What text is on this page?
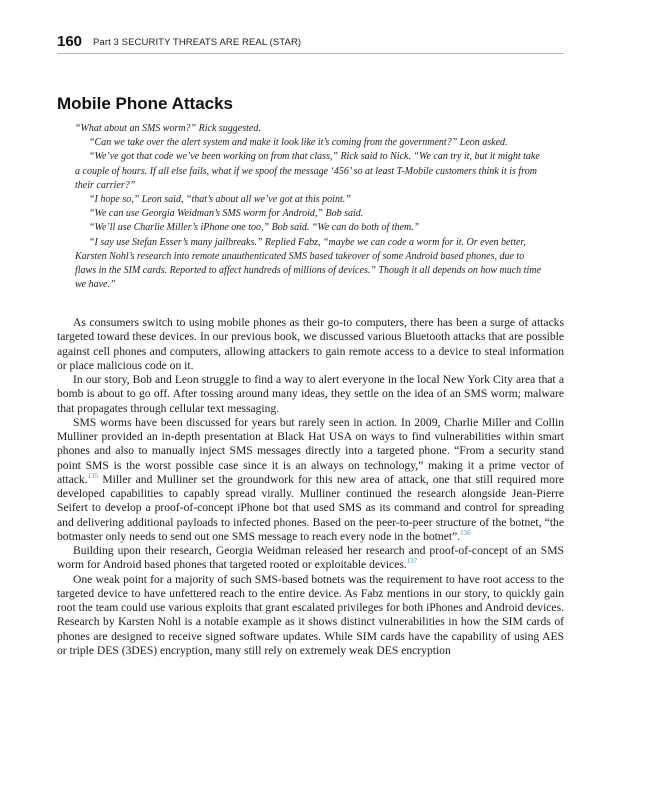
160 Part 3 SECURITY THREATS ARE REAL (STAR)
Mobile Phone Attacks

“What about an SMS worm?” Rick suggested.

“Can we take over the alert system and make it look like it’s coming from the government?” Leon asked.

“We’ve got that code we’ve been working on from that class,” Rick said to Nick. “We can try it, but it might take a couple of hours. If all else fails, what if we spoof the message ‘456’ so at least T-Mobile customers think it is from their carrier?”

“I hope so,” Leon said, “that’s about all we’ve got at this point.”

“We can use Georgia Weidman’s SMS worm for Android,” Bob said.

“We’ll use Charlie Miller’s iPhone one too,” Bob said. “We can do both of them.”

“I say use Stefan Esser’s many jailbreaks.” Replied Fabz, “maybe we can code a worm for it. Or even better, Karsten Nohl’s research into remote unauthenticated SMS based takeover of some Android based phones, due to flaws in the SIM cards. Reported to affect hundreds of millions of devices.” Though it all depends on how much time we have.”

As consumers switch to using mobile phones as their go-to computers, there has been a surge of attacks targeted toward these devices. In our previous book, we discussed various Bluetooth attacks that are possible against cell phones and computers, allowing attackers to gain remote access to a device to steal information or place malicious code on it.

In our story, Bob and Leon struggle to find a way to alert everyone in the local New York City area that a bomb is about to go off. After tossing around many ideas, they settle on the idea of an SMS worm; malware that propagates through cellular text messaging.

SMS worms have been discussed for years but rarely seen in action. In 2009, Charlie Miller and Collin Mulliner provided an in-depth presentation at Black Hat USA on ways to find vulnerabilities within smart phones and also to manually inject SMS messages directly into a targeted phone. “From a security stand point SMS is the worst possible case since it is an always on technology,” making it a prime vector of attack.$^{135}$ Miller and Mulliner set the groundwork for this new area of attack, one that still required more developed capabilities to capably spread virally. Mulliner continued the research alongside Jean-Pierre Seifert to develop a proof-of-concept iPhone bot that used SMS as its command and control for spreading and delivering additional payloads to infected phones. Based on the peer-to-peer structure of the botnet, “the botmaster only needs to send out one SMS message to reach every node in the botnet”.$^{136}$

Building upon their research, Georgia Weidman released her research and proof-of-concept of an SMS worm for Android based phones that targeted rooted or exploitable devices.$^{137}$

One weak point for a majority of such SMS-based botnets was the requirement to have root access to the targeted device to have unfettered reach to the entire device. As Fabz mentions in our story, to quickly gain root the team could use various exploits that grant escalated privileges for both iPhones and Android devices. Research by Karsten Nohl is a notable example as it shows distinct vulnerabilities in how the SIM cards of phones are designed to receive signed software updates. While SIM cards have the capability of using AES or triple DES (3DES) encryption, many still rely on extremely weak DES encryption
